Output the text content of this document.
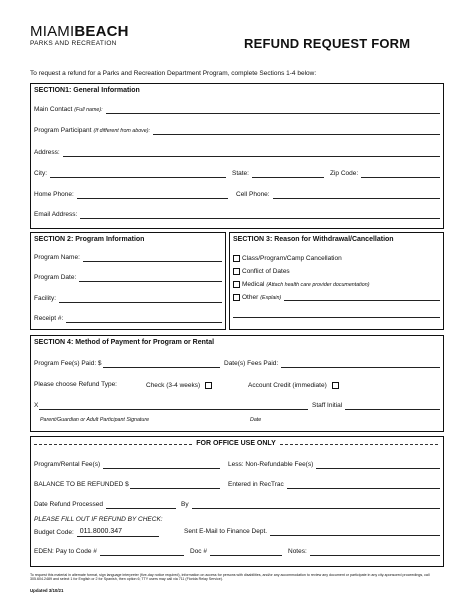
MIAMIBEACH
PARKS AND RECREATION	REFUND REQUEST FORM
To request a refund for a Parks and Recreation Department Program, complete Sections 1-4 below:
SECTION1: General Information
Main Contact (Full name):
Program Participant (If different from above):
Address:
City:	State:	Zip Code:
Home Phone:	Cell Phone:
Email Address:
SECTION 2: Program Information
Program Name:
Program Date:
Facility:
Receipt #:
SECTION 3: Reason for Withdrawal/Cancellation
Class/Program/Camp Cancellation
Conflict of Dates
Medical (Attach health care provider documentation)
Other (Explain)
SECTION 4: Method of Payment for Program or Rental
Program Fee(s) Paid: $	Date(s) Fees Paid:
Please choose Refund Type:	Check (3-4 weeks)	Account Credit (immediate)
X	Staff Initial
Parent/Guardian or Adult Participant Signature	Date
FOR OFFICE USE ONLY
Program/Rental Fee(s)	Less: Non-Refundable Fee(s)
BALANCE TO BE REFUNDED $	Entered in RecTrac
Date Refund Processed	By
PLEASE FILL OUT IF REFUND BY CHECK:
Budget Code: 011.8000.347	Sent E-Mail to Finance Dept.
EDEN: Pay to Code #	Doc #	Notes:
To request this material in alternate format, sign language interpreter (five-day notice required), information on access for persons with disabilities, and/or any accommodation to review any document or participate in any city-sponsored proceedings, call 305.604.2489 and select 1 for English or 2 for Spanish, then option 6; TTY users may call via 711 (Florida Relay Service).
Updated 3/10/21
